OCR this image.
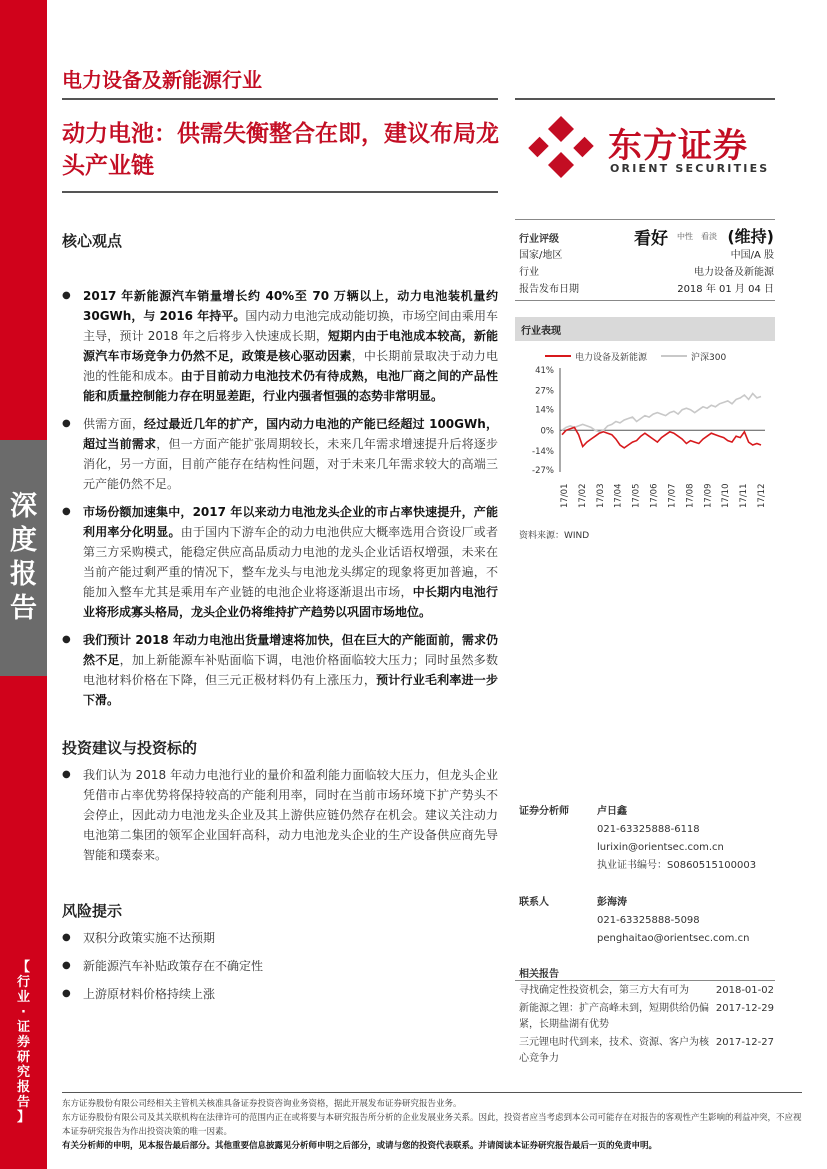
深
度
报
告
【
行
业
·
证
券
研
究
报
告
】
电力设备及新能源行业
动力电池：供需失衡整合在即，建议布局龙头产业链	东方证券
ORIENT SECURITIES
核心观点
● 2017 年新能源汽车销量增长约 40%至 70 万辆以上，动力电池装机量约 30GWh，与 2016 年持平。国内动力电池完成动能切换，市场空间由乘用车主导，预计 2018 年之后将步入快速成长期，短期内由于电池成本较高，新能源汽车市场竞争力仍然不足，政策是核心驱动因素，中长期前景取决于动力电池的性能和成本。由于目前动力电池技术仍有待成熟，电池厂商之间的产品性能和质量控制能力存在明显差距，行业内强者恒强的态势非常明显。
● 供需方面，经过最近几年的扩产，国内动力电池的产能已经超过 100GWh，超过当前需求，但一方面产能扩张周期较长，未来几年需求增速提升后将逐步消化，另一方面，目前产能存在结构性问题，对于未来几年需求较大的高端三元产能仍然不足。
● 市场份额加速集中，2017 年以来动力电池龙头企业的市占率快速提升，产能利用率分化明显。由于国内下游车企的动力电池供应大概率选用合资设厂或者第三方采购模式，能稳定供应高品质动力电池的龙头企业话语权增强，未来在当前产能过剩严重的情况下，整车龙头与电池龙头绑定的现象将更加普遍，不能加入整车尤其是乘用车产业链的电池企业将逐渐退出市场，中长期内电池行业将形成寡头格局，龙头企业仍将维持扩产趋势以巩固市场地位。
● 我们预计 2018 年动力电池出货量增速将加快，但在巨大的产能面前，需求仍然不足，加上新能源车补贴面临下调，电池价格面临较大压力；同时虽然多数电池材料价格在下降，但三元正极材料仍有上涨压力，预计行业毛利率进一步下滑。
投资建议与投资标的
● 我们认为 2018 年动力电池行业的量价和盈利能力面临较大压力，但龙头企业凭借市占率优势将保持较高的产能利用率，同时在当前市场环境下扩产势头不会停止，因此动力电池龙头企业及其上游供应链仍然存在机会。建议关注动力电池第二集团的领军企业国轩高科，动力电池龙头企业的生产设备供应商先导智能和璞泰来。
风险提示
● 双积分政策实施不达预期
● 新能源汽车补贴政策存在不确定性
● 上游原材料价格持续上涨
行业评级	看好 中性　看淡 (维持)
国家/地区	中国/A 股
行业	电力设备及新能源
报告发布日期	2018 年 01 月 04 日
行业表现
电力设备及新能源	沪深300
41%
27%
14%
0%
-14%
-27%
17/01 17/02 17/03 17/04 17/05 17/06 17/07 17/08 17/09 17/10 17/11 17/12
资料来源：WIND
证券分析师	卢日鑫
021-63325888-6118
lurixin@orientsec.com.cn
执业证书编号：S0860515100003
联系人	彭海涛
021-63325888-5098
penghaitao@orientsec.com.cn
相关报告
寻找确定性投资机会，第三方大有可为	2018-01-02
新能源之锂：扩产高峰未到，短期供给仍偏紧，长期盐湖有优势
2017-12-29
三元锂电时代到来，技术、资源、客户为核心竞争力
2017-12-27
东方证券股份有限公司经相关主管机关核准具备证券投资咨询业务资格，据此开展发布证券研究报告业务。
东方证券股份有限公司及其关联机构在法律许可的范围内正在或将要与本研究报告所分析的企业发展业务关系。因此，投资者应当考虑到本公司可能存在对报告的客观性产生影响的利益冲突，不应视本证券研究报告为作出投资决策的唯一因素。
有关分析师的申明，见本报告最后部分。其他重要信息披露见分析师申明之后部分，或请与您的投资代表联系。并请阅读本证券研究报告最后一页的免责申明。
